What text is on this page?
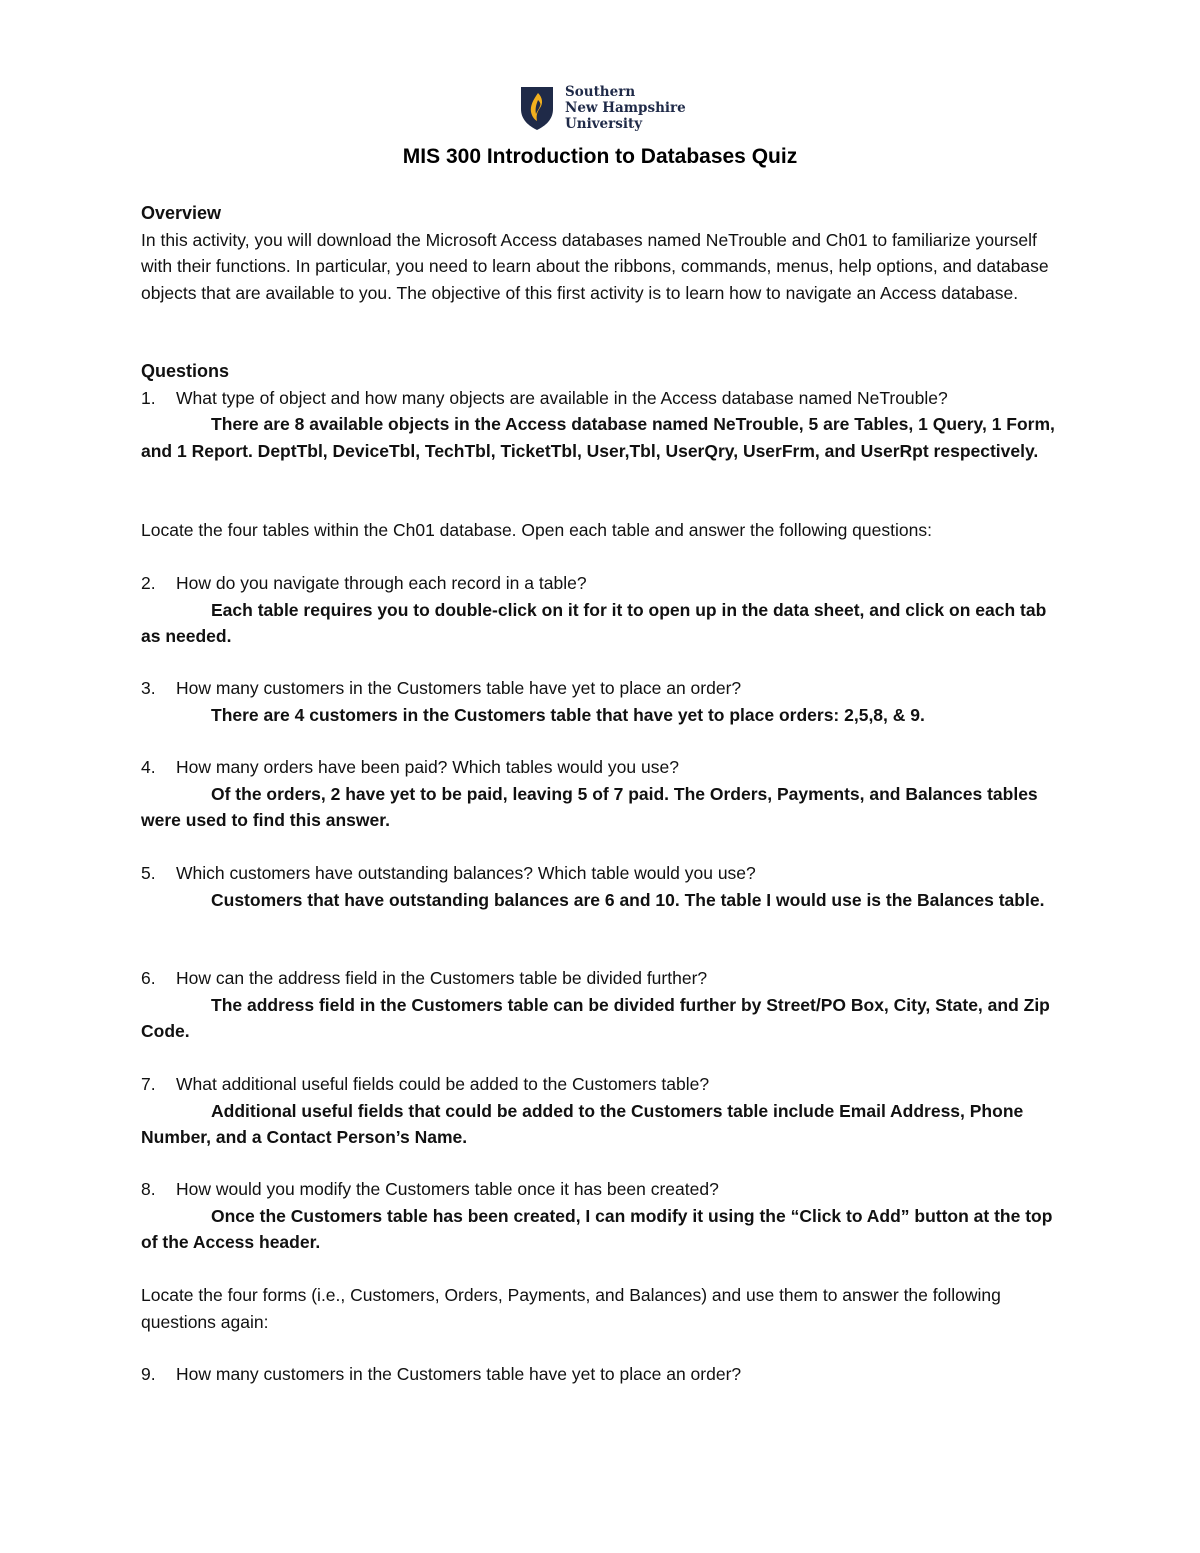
Southern
New Hampshire
University
MIS 300 Introduction to Databases Quiz
Overview
In this activity, you will download the Microsoft Access databases named NeTrouble and Ch01 to familiarize yourself with their functions. In particular, you need to learn about the ribbons, commands, menus, help options, and database objects that are available to you. The objective of this first activity is to learn how to navigate an Access database.
Questions
1.	What type of object and how many objects are available in the Access database named NeTrouble?
There are 8 available objects in the Access database named NeTrouble, 5 are Tables, 1 Query, 1 Form, and 1 Report. DeptTbl, DeviceTbl, TechTbl, TicketTbl, User,Tbl, UserQry, UserFrm, and UserRpt respectively.
Locate the four tables within the Ch01 database. Open each table and answer the following questions:
2.	How do you navigate through each record in a table?
Each table requires you to double-click on it for it to open up in the data sheet, and click on each tab as needed.
3.	How many customers in the Customers table have yet to place an order?
There are 4 customers in the Customers table that have yet to place orders: 2,5,8, & 9.
4.	How many orders have been paid? Which tables would you use?
Of the orders, 2 have yet to be paid, leaving 5 of 7 paid. The Orders, Payments, and Balances tables were used to find this answer.
5.	Which customers have outstanding balances? Which table would you use?
Customers that have outstanding balances are 6 and 10. The table I would use is the Balances table.
6.	How can the address field in the Customers table be divided further?
The address field in the Customers table can be divided further by Street/PO Box, City, State, and Zip Code.
7.	What additional useful fields could be added to the Customers table?
Additional useful fields that could be added to the Customers table include Email Address, Phone Number, and a Contact Person’s Name.
8.	How would you modify the Customers table once it has been created?
Once the Customers table has been created, I can modify it using the “Click to Add” button at the top of the Access header.
Locate the four forms (i.e., Customers, Orders, Payments, and Balances) and use them to answer the following questions again:
9.	How many customers in the Customers table have yet to place an order?
